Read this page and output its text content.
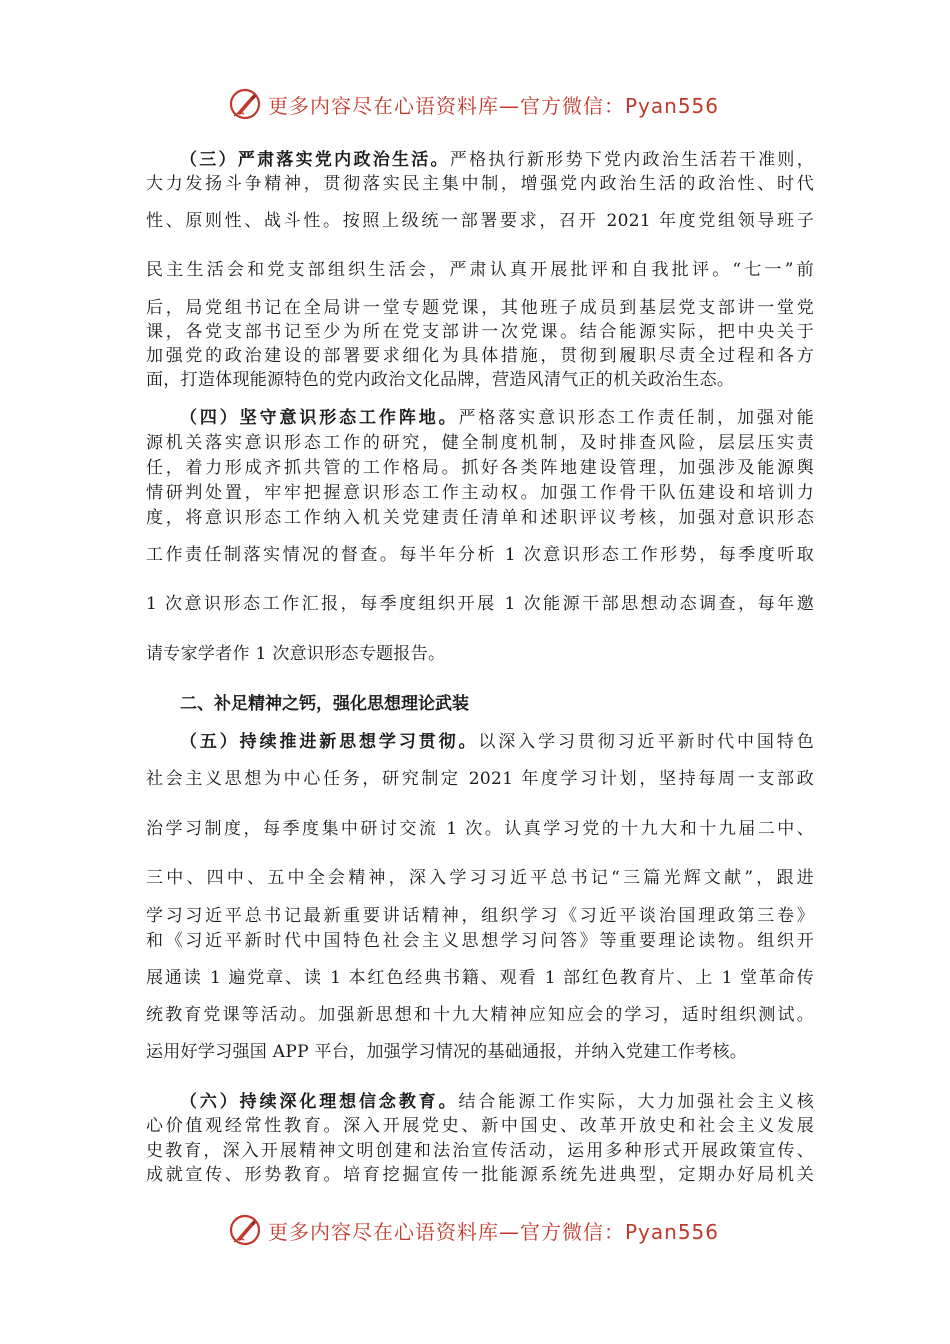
更多内容尽在心语资料库—官方微信：Pyan556
（三）严肃落实党内政治生活。严格执行新形势下党内政治生活若干准则，
大力发扬斗争精神，贯彻落实民主集中制，增强党内政治生活的政治性、时代
性、原则性、战斗性。按照上级统一部署要求，召开 2021 年度党组领导班子
民主生活会和党支部组织生活会，严肃认真开展批评和自我批评。“七一”前
后，局党组书记在全局讲一堂专题党课，其他班子成员到基层党支部讲一堂党
课，各党支部书记至少为所在党支部讲一次党课。结合能源实际，把中央关于
加强党的政治建设的部署要求细化为具体措施，贯彻到履职尽责全过程和各方
面，打造体现能源特色的党内政治文化品牌，营造风清气正的机关政治生态。
（四）坚守意识形态工作阵地。严格落实意识形态工作责任制，加强对能
源机关落实意识形态工作的研究，健全制度机制，及时排查风险，层层压实责
任，着力形成齐抓共管的工作格局。抓好各类阵地建设管理，加强涉及能源舆
情研判处置，牢牢把握意识形态工作主动权。加强工作骨干队伍建设和培训力
度，将意识形态工作纳入机关党建责任清单和述职评议考核，加强对意识形态
工作责任制落实情况的督查。每半年分析 1 次意识形态工作形势，每季度听取
1 次意识形态工作汇报，每季度组织开展 1 次能源干部思想动态调查，每年邀
请专家学者作 1 次意识形态专题报告。
二、补足精神之钙，强化思想理论武装
（五）持续推进新思想学习贯彻。以深入学习贯彻习近平新时代中国特色
社会主义思想为中心任务，研究制定 2021 年度学习计划，坚持每周一支部政
治学习制度，每季度集中研讨交流 1 次。认真学习党的十九大和十九届二中、
三中、四中、五中全会精神，深入学习习近平总书记“三篇光辉文献”，跟进
学习习近平总书记最新重要讲话精神，组织学习《习近平谈治国理政第三卷》
和《习近平新时代中国特色社会主义思想学习问答》等重要理论读物。组织开
展通读 1 遍党章、读 1 本红色经典书籍、观看 1 部红色教育片、上 1 堂革命传
统教育党课等活动。加强新思想和十九大精神应知应会的学习，适时组织测试。
运用好学习强国 APP 平台，加强学习情况的基础通报，并纳入党建工作考核。
（六）持续深化理想信念教育。结合能源工作实际，大力加强社会主义核
心价值观经常性教育。深入开展党史、新中国史、改革开放史和社会主义发展
史教育，深入开展精神文明创建和法治宣传活动，运用多种形式开展政策宣传、
成就宣传、形势教育。培育挖掘宣传一批能源系统先进典型，定期办好局机关
更多内容尽在心语资料库—官方微信：Pyan556
